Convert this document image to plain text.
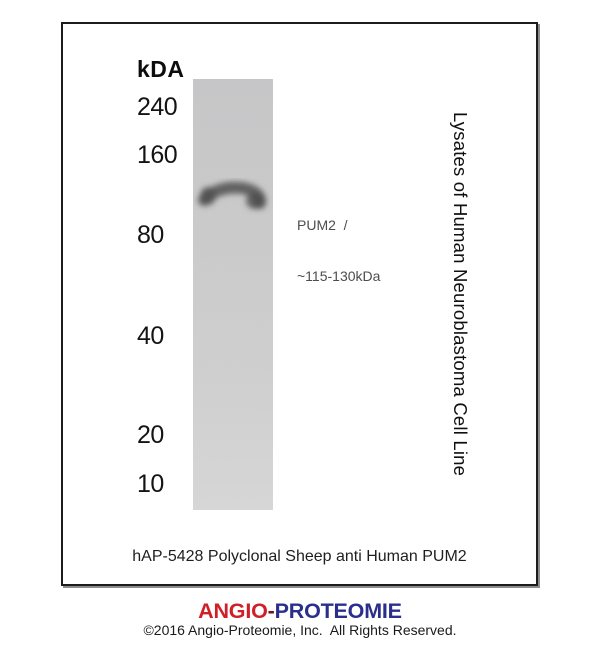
kDA
240
160
80
40
20
10

PUM2  /

~115-130kDa

	Lysates of Human Neuroblastoma Cell Line
hAP-5428 Polyclonal Sheep anti Human PUM2
ANGIO-PROTEOMIE
©2016 Angio-Proteomie, Inc.  All Rights Reserved.
